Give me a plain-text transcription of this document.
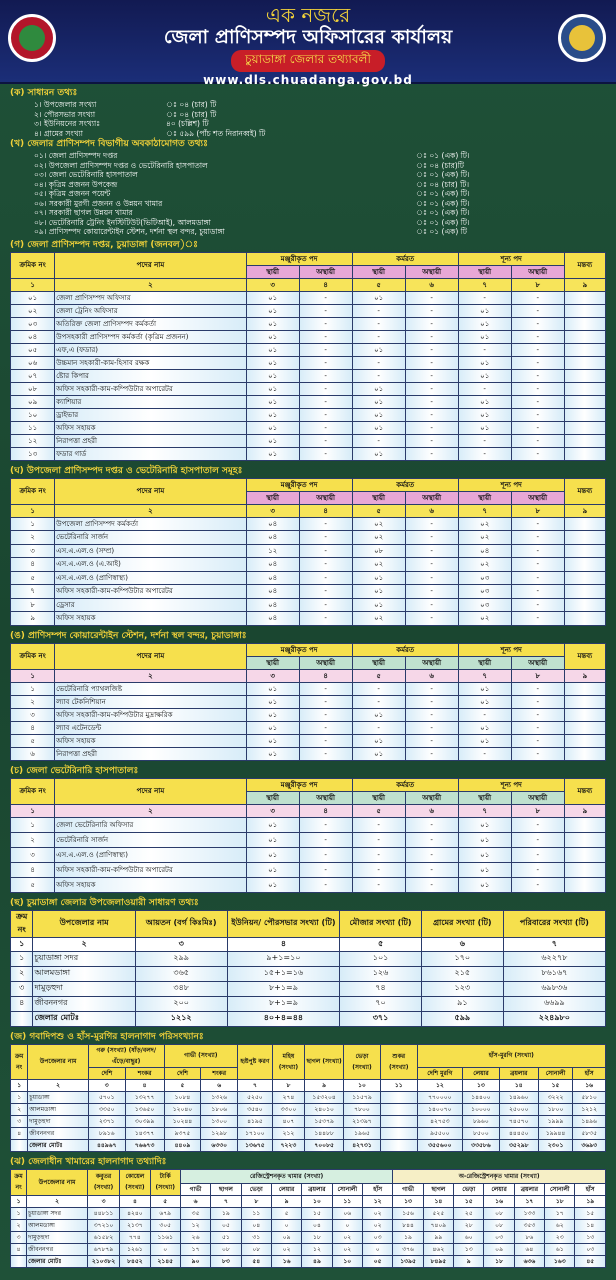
এক নজরে
জেলা প্রাণিসম্পদ অফিসারের কার্যালয়
চুয়াডাঙ্গা জেলার তথ্যাবলী
www.dls.chuadanga.gov.bd
(ক) সাধারন তথ্যঃ
১। উপজেলার সংখ্যা	ঃ ০৪ (চার) টি
২। পৌরসভার সংখ্যা	ঃ ০৪ (চার) টি
৩। ইউনিয়নের সংখ্যাঃ	৪০ (চল্লিশ) টি
৪। গ্রামের সংখ্যা	ঃ ৫৯৯ (পাঁচ শত নিরানব্বই) টি
(খ) জেলার প্রাণিসম্পদ বিভাগীয় অবকাঠামোগত তথ্যঃ
০১। জেলা প্রাণিসম্পদ দপ্তর	ঃ ০১ (এক) টি।
০২। উপজেলা প্রাণিসম্পদ দপ্তর ও ভেটেরিনারি হাসপাতাল	ঃ ০৪ (চার)টি
০৩। জেলা ভেটেরিনারি হাসপাতাল	ঃ ০১ (এক) টি।
০৪। কৃত্রিম প্রজনন উপকেন্দ্র	ঃ ০৪ (চার) টি।
০৫। কৃত্রিম প্রজনন পয়েন্ট	ঃ ০১ (এক) টি।
০৬। সরকারী মুরগী প্রজনন ও উন্নয়ন খামার	ঃ ০১ (এক) টি।
০৭। সরকারী ছাগল উন্নয়ন খামার	ঃ ০১ (এক) টি।
০৮। ভেটেরিনারি ট্রেনিং ইনস্টিটিউট(ভিটিআই), আলমডাঙ্গা	ঃ ০১ (এক) টি।
০৯। প্রাণিসম্পদ কোয়ারেন্টাইন স্টেশন, দর্শনা স্থল বন্দর, চুয়াডাঙ্গা	ঃ ০১ (এক) টি
(গ) জেলা প্রাণিসম্পদ দপ্তর, চুয়াডাঙ্গা (জনবল)ঃ
ক্রমিক নং	পদের নাম	মঞ্জুরীকৃত পদ		কর্মরত		শূন্য পদ		মন্তব্য
		স্থায়ী	অস্থায়ী	স্থায়ী	অস্থায়ী	স্থায়ী	অস্থায়ী	
১	২	৩	৪	৫	৬	৭	৮	৯
০১	জেলা প্রাণিসম্পদ অফিসার	০১	-	০১	-	-	-	
০২	জেলা ট্রেনিং অফিসার	০১	-	-	-	০১	-	
০৩	অতিরিক্ত জেলা প্রাণিসম্পদ কর্মকর্তা	০১	-	-	-	০১	-	
০৪	উপসহকারী প্রাণিসম্পদ কর্মকর্তা (কৃত্রিম প্রজনন)	০১	-	-	-	০১	-	
০৫	এফ,এ (ফডার)	০১	-	০১	-	-	-	
০৬	উচ্চমান সহকারী-কাম-হিসাব রক্ষক	০১	-	-	-	০১	-	
০৭	ষ্টোর কিপার	০১	-	-	-	০১	-	
০৮	অফিস সহকারী-কাম-কম্পিউটার অপারেটর	০১	-	০১	-	-	-	
০৯	ক্যাশিয়ার	০১	-	০১	-	০১	-	
১০	ড্রাইভার	০১	-	০১	-	০১	-	
১১	অফিস সহায়ক	০১	-	০১	-	০১	-	
১২	নিরাপত্তা প্রহরী	০১	-	-	-	-	-	
১৩	ফডার গার্ড	০১	-	০১	-	-	-	
(ঘ) উপজেলা প্রাণিসম্পদ দপ্তর ও ভেটেরিনারি হাসপাতাল সমূহঃ
ক্রমিক নং	পদের নাম	মঞ্জুরীকৃত পদ		কর্মরত		শূন্য পদ		মন্তব্য
		স্থায়ী	অস্থায়ী	স্থায়ী	অস্থায়ী	স্থায়ী	অস্থায়ী	
১	২	৩	৪	৫	৬	৭	৮	৯
১	উপজেলা প্রাণিসম্পদ কর্মকর্তা	০৪	-	০২	-	০২	-	
২	ভেটেরিনারি সার্জন	০৪	-	০২	-	০২	-	
৩	এস.এ.এল.ও (সম্প্র)	১২	-	০৮	-	০৪	-	
৪	এস.এ.এল.ও (এ.আই)	০৪	-	০২	-	০২	-	
৫	এস.এ.এল.ও (প্রাণিস্বাস্থ্য)	০৪	-	০১	-	০৩	-	
৭	অফিস সহকারী-কাম-কম্পিউটার অপারেটর	০৪	-	০১	-	০৩	-	
৮	ড্রেসার	০৪	-	০১	-	০৩	-	
৯	অফিস সহায়ক	০৪	-	০২	-	০২	-	
(ঙ) প্রাণিসম্পদ কোয়ারেন্টাইন স্টেশন, দর্শনা স্থল বন্দর, চুয়াডাঙ্গাঃ
ক্রমিক নং	পদের নাম	মঞ্জুরীকৃত পদ		কর্মরত		শূন্য পদ		মন্তব্য
		স্থায়ী	অস্থায়ী	স্থায়ী	অস্থায়ী	স্থায়ী	অস্থায়ী	
১	২	৩	৪	৫	৬	৭	৮	৯
১	ভেটেরিনারি প্যাথলজিষ্ট	০১	-	-	-	০১	-	
২	ল্যাব টেকনিশিয়ান	০১	-	-	-	০১	-	
৩	অফিস সহকারী-কাম-কম্পিউটার মুদ্রাক্ষরিক	০১	-	০১	-	-	-	
৪	ল্যাব এটেনডেন্ট	০১	-	-	-	০১	-	
৫	অফিস সহায়ক	০১	-	০১	-	০১	-	
৬	নিরাপত্তা প্রহরী	০১	-	০১	-	-	-	
(চ) জেলা ভেটেরিনারি হাসপাতালঃ
ক্রমিক নং	পদের নাম	মঞ্জুরীকৃত পদ		কর্মরত		শূন্য পদ		মন্তব্য
		স্থায়ী	অস্থায়ী	স্থায়ী	অস্থায়ী	স্থায়ী	অস্থায়ী	
১	২	৩	৪	৫	৬	৭	৮	৯
১	জেলা ভেটেরিনারি অফিসার	০১	-	-	-	০১	-	
২	ভেটেরিনারি সার্জন	০১	-	-	-	০১	-	
৩	এস.এ.এল.ও (প্রাণিস্বাস্থ্য)	০১	-	-	-	০১	-	
৪	অফিস সহকারী-কাম-কম্পিউটার অপারেটর	০১	-	-	-	০১	-	
৫	অফিস সহায়ক	০১	-	-	-	০১	-	
(ছ) চুয়াডাঙ্গা জেলার উপজেলাওয়ারী সাধারণ তথ্যঃ
ক্রম নং	উপজেলার নাম	আয়তন (বর্গ কিঃমিঃ)	ইউনিয়ন/ পৌরসভার সংখ্যা (টি)	মৌজার সংখ্যা (টি)	গ্রামের সংখ্যা (টি)	পরিবারের সংখ্যা (টি)
১	২	৩	৪	৫	৬	৭
১	চুয়াডাঙ্গা সদর	২৯৯	৯+১=১০	১০১	১৭০	৬২২৭৮
২	আলমডাঙ্গা	৩৬৫	১৫+১=১৬	১২৬	২১৫	৮৬১৬৭
৩	দামুড়হুদা	৩৪৮	৮+১=৯	৭৪	১২৩	৬৯৮৩৬
৪	জীবননগর	২০০	৮+১=৯	৭০	৯১	৬৬৯৯
	জেলার মোটঃ	১২১২	৪০+৪=৪৪	৩৭১	৫৯৯	২২৪৯৮০
(জ) গবাদিপশু ও হাঁস-মুরগির হালনাগাদ পরিসংখ্যানঃ
ক্রম নং	উপজেলার নাম	গরু (সংখ্যা) (ষাঁড়/বলদ/এঁড়ে/বাছুর)		গাভী (সংখ্যা)		হৃষ্টপুষ্ট করণ	মহিষ (সংখ্যা)	ছাগল (সংখ্যা)	ভেড়া (সংখ্যা)	শুকর (সংখ্যা)	হাঁস-মুরগি (সংখ্যা)				
		দেশি	শংকর	দেশি	শংকর						দেশি মুরগি	লেয়ার	ব্রয়লার	সোনালী	হাঁস
১	২	৩	৪	৫	৬	৭	৮	৯	১০	১১	১২	১৩	১৪	১৫	১৬
১	চুয়াডাঙ্গা	৫৭০১	১৩২৭৭	১০৮৪	১৩২৬	৫২৫০	২৭৪	১৫৩২০৪	১১৫৭৯		৭৭০০০০	১৪৪০০	১৪৯৬০	৩২২২	৫৮১০
২	আলমডাঙ্গা	৩৩৫০	১৩৬৫০	১২০৪০	১৮০৬	৩৫৪০	৩৩০০	২৪০১০	৭৮০০		১৪০০৭০	১০০০০	২৫০০০	১৮০০	১২১২
৩	দামুড়হুদা	২৩৭১	৩০৩৯৯	১০২৪৪	১৩০০	৪১৯৫	৪০৭	১৫৩৭৯	২১৩৯৭		৪২৭৫৩	৮৯৬০	৭৪৫৭০	১৯৯৯	১৪৯৬
৪	জীবননগর	৮৯১৬	১৪৩৭৭	৯৩৭৫	১২৯৮	১৭১০০	২১২	১৪৪৮৮	১৯৬৫		৯৫৫০০	৮৫০০	৪৪৪৫০	১৯৯৪৪	৫৮৩৫
	জেলার মোটঃ	৪৪৯৬৭	৭৬৬৭৩	৪৪০৯	৬৩৩০	১৩৬৭৫	৭২২৩	৭০০৮৫	৪২৭৩১		৩৫৫৬০০	৩৩৫৮৬	৩৫২৯৮	২৩০১	৩৬৯৩
(ঝ) জেলাধীন খামারের হালনাগাদ তথ্যাদিঃ
ক্রম নং	উপজেলার নাম	কবুতর (সংখ্যা)	কোয়েল (সংখ্যা)	টার্কি (সংখ্যা)	রেজিস্ট্রেশনকৃত খামার (সংখ্যা)							অ-রেজিস্ট্রেশনকৃত খামার (সংখ্যা)						
					গাভী	ছাগল	ভেড়া	লেয়ার	ব্রয়লার	সোনালী	হাঁস	গাভী	ছাগল	ভেড়া	লেয়ার	ব্রয়লার	সোনালী	হাঁস
১	২	৩	৪	৫	৬	৭	৮	৯	১০	১১	১২	১৩	১৪	১৫	১৬	১৭	১৮	১৯
১	চুয়াডাঙ্গা সদর	৪৪৮১১	৪২৪০	৬৭৯	৩৫	১৯	১১	৫	১৫	০৬	০২	১৫৬	৫২৫	২৫	০৮	১৩৩	১৭	১৫
২	আলমডাঙ্গা	৩৭২১০	২১৩৭	৩০৫	১২	০৫	০৪	০	০৪	০	০২	৮৪৪	৭৪০৯	২৮	০৮	৩৫৩	৬২	১৪
৩	দামুড়হুদা	৬১৫৮২	৭৭৪	১১৬১	২৬	৫১	৩১	০৯	১৮	০২	০৩	১৯	৯৯	৬০	০৩	৮৬	২৩	১৩
৪	জীবননগর	৬৭৮৭৯	১২৬১	০	১৭	০৮	০৮	০২	১২	০২	০	৩৭৬	৪৬২	১৩	০৯	৬৪	৬১	০৩
	জেলার মোটঃ	২১০৩৮২	৮৪৫২	২১৪৫	৯০	৮৩	৫৪	১৬	৪৯	১০	০৫	১৩৯৫	৮৪৯৫	৯	১৮	৬৩৬	১৬৩	৪৫
